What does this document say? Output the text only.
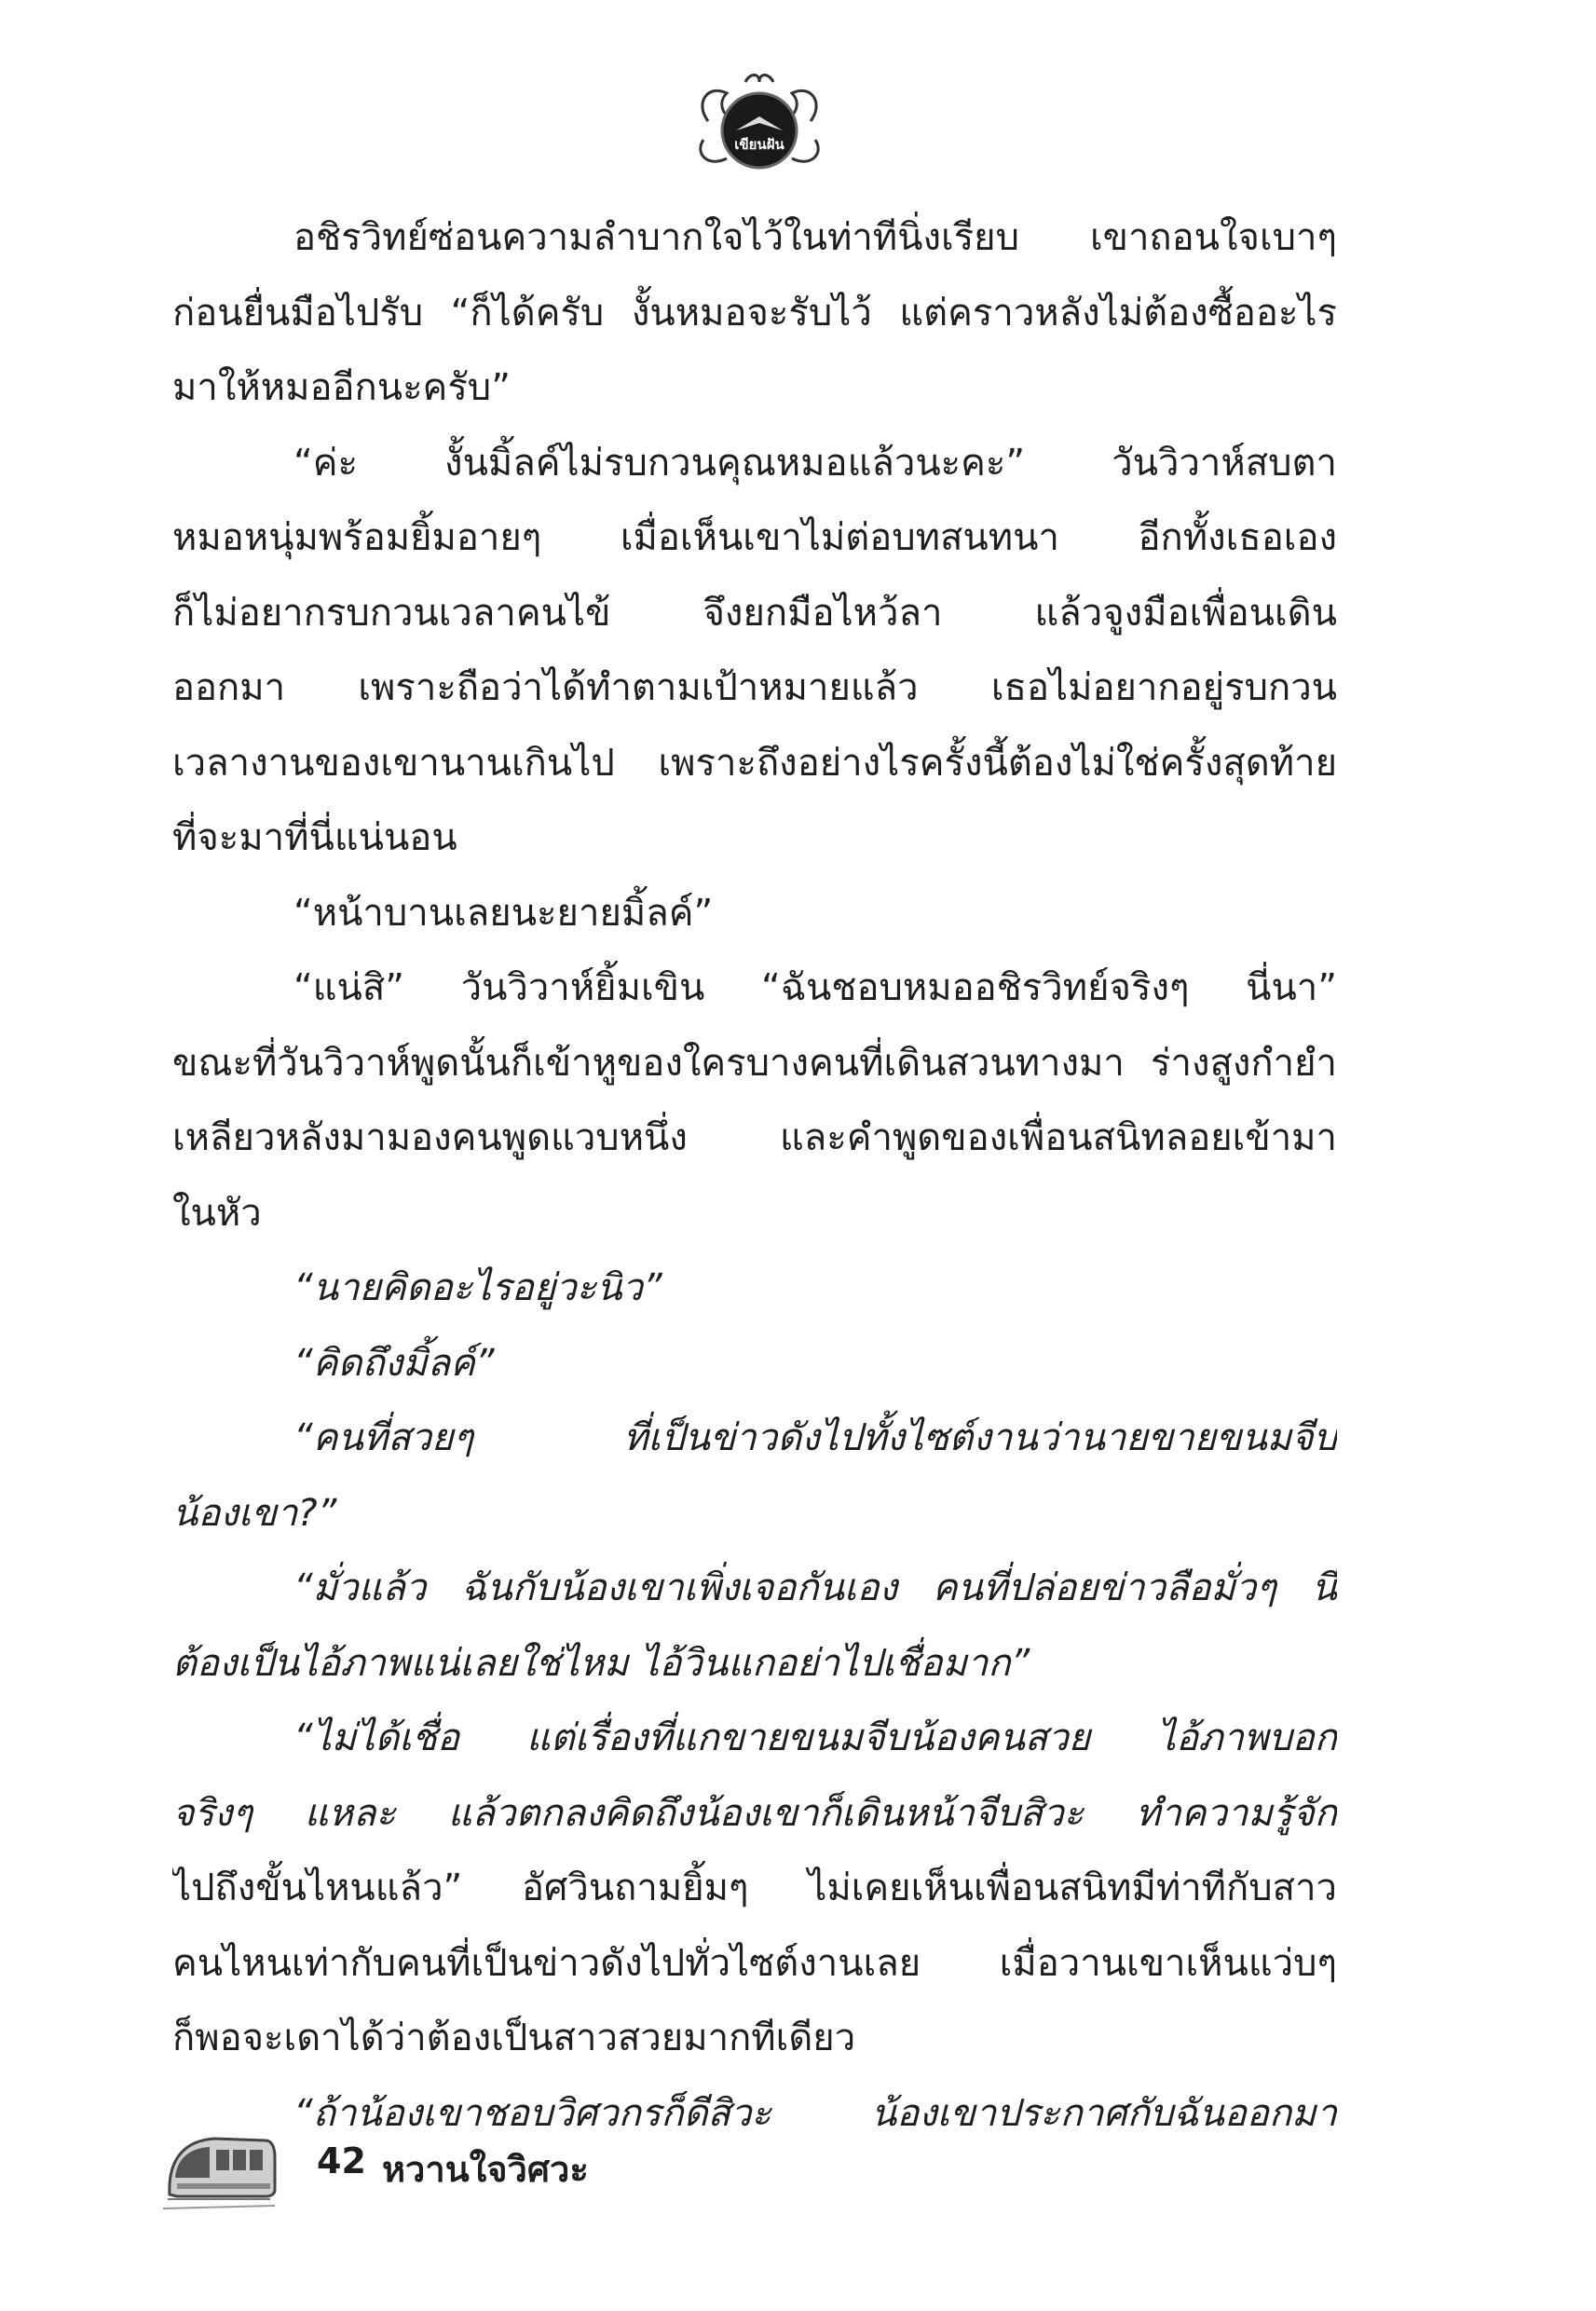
เขียนฝัน
อชิรวิทย์ซ่อนความลำบากใจไว้ในท่าทีนิ่งเรียบ เขาถอนใจเบาๆ
ก่อนยื่นมือไปรับ “ก็ได้ครับ งั้นหมอจะรับไว้ แต่คราวหลังไม่ต้องซื้ออะไร
มาให้หมออีกนะครับ”
“ค่ะ งั้นมิ้ลค์ไม่รบกวนคุณหมอแล้วนะคะ” วันวิวาห์สบตา
หมอหนุ่มพร้อมยิ้มอายๆ เมื่อเห็นเขาไม่ต่อบทสนทนา อีกทั้งเธอเอง
ก็ไม่อยากรบกวนเวลาคนไข้ จึงยกมือไหว้ลา แล้วจูงมือเพื่อนเดิน
ออกมา เพราะถือว่าได้ทำตามเป้าหมายแล้ว เธอไม่อยากอยู่รบกวน
เวลางานของเขานานเกินไป เพราะถึงอย่างไรครั้งนี้ต้องไม่ใช่ครั้งสุดท้าย
ที่จะมาที่นี่แน่นอน
“หน้าบานเลยนะยายมิ้ลค์”
“แน่สิ” วันวิวาห์ยิ้มเขิน “ฉันชอบหมออชิรวิทย์จริงๆ นี่นา”
ขณะที่วันวิวาห์พูดนั้นก็เข้าหูของใครบางคนที่เดินสวนทางมา ร่างสูงกำยำ
เหลียวหลังมามองคนพูดแวบหนึ่ง และคำพูดของเพื่อนสนิทลอยเข้ามา
ในหัว
“นายคิดอะไรอยู่วะนิว”
“คิดถึงมิ้ลค์”
“คนที่สวยๆ ที่เป็นข่าวดังไปทั้งไซต์งานว่านายขายขนมจีบ
น้องเขา?”
“มั่วแล้ว ฉันกับน้องเขาเพิ่งเจอกันเอง คนที่ปล่อยข่าวลือมั่วๆ นี่
ต้องเป็นไอ้ภาพแน่เลยใช่ไหม ไอ้วินแกอย่าไปเชื่อมาก”
“ไม่ได้เชื่อ แต่เรื่องที่แกขายขนมจีบน้องคนสวย ไอ้ภาพบอก
จริงๆ แหละ แล้วตกลงคิดถึงน้องเขาก็เดินหน้าจีบสิวะ ทำความรู้จัก
ไปถึงขั้นไหนแล้ว” อัศวินถามยิ้มๆ ไม่เคยเห็นเพื่อนสนิทมีท่าทีกับสาว
คนไหนเท่ากับคนที่เป็นข่าวดังไปทั่วไซต์งานเลย เมื่อวานเขาเห็นแว่บๆ
ก็พอจะเดาได้ว่าต้องเป็นสาวสวยมากทีเดียว
“ถ้าน้องเขาชอบวิศวกรก็ดีสิวะ น้องเขาประกาศกับฉันออกมา
42 หวานใจวิศวะ
